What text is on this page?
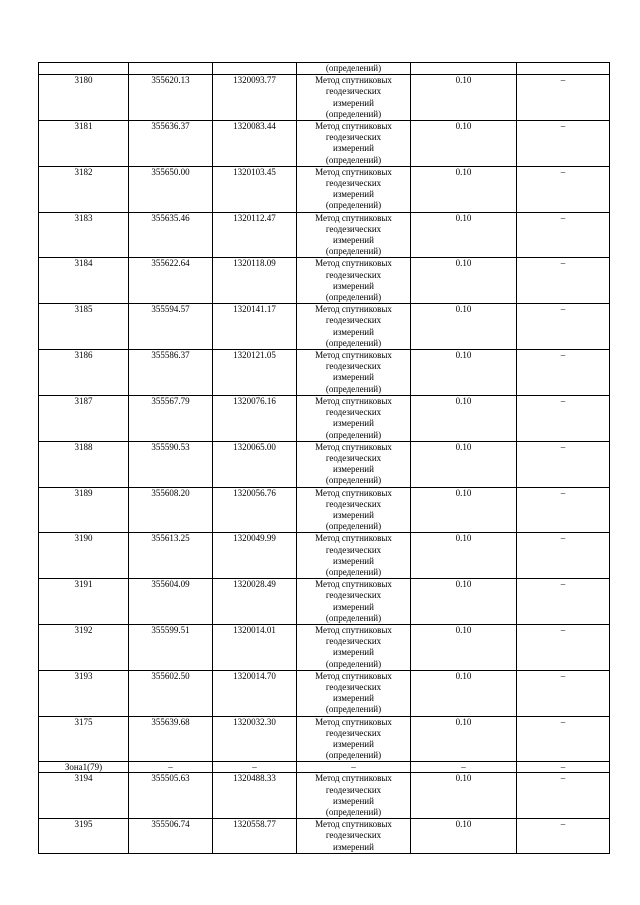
			(определений)		
3180	355620.13	1320093.77	Метод спутниковых
геодезических
измерений
(определений)	0.10	–
3181	355636.37	1320083.44	Метод спутниковых
геодезических
измерений
(определений)	0.10	–
3182	355650.00	1320103.45	Метод спутниковых
геодезических
измерений
(определений)	0.10	–
3183	355635.46	1320112.47	Метод спутниковых
геодезических
измерений
(определений)	0.10	–
3184	355622.64	1320118.09	Метод спутниковых
геодезических
измерений
(определений)	0.10	–
3185	355594.57	1320141.17	Метод спутниковых
геодезических
измерений
(определений)	0.10	–
3186	355586.37	1320121.05	Метод спутниковых
геодезических
измерений
(определений)	0.10	–
3187	355567.79	1320076.16	Метод спутниковых
геодезических
измерений
(определений)	0.10	–
3188	355590.53	1320065.00	Метод спутниковых
геодезических
измерений
(определений)	0.10	–
3189	355608.20	1320056.76	Метод спутниковых
геодезических
измерений
(определений)	0.10	–
3190	355613.25	1320049.99	Метод спутниковых
геодезических
измерений
(определений)	0.10	–
3191	355604.09	1320028.49	Метод спутниковых
геодезических
измерений
(определений)	0.10	–
3192	355599.51	1320014.01	Метод спутниковых
геодезических
измерений
(определений)	0.10	–
3193	355602.50	1320014.70	Метод спутниковых
геодезических
измерений
(определений)	0.10	–
3175	355639.68	1320032.30	Метод спутниковых
геодезических
измерений
(определений)	0.10	–
Зона1(79)	–	–	–	–	–
3194	355505.63	1320488.33	Метод спутниковых
геодезических
измерений
(определений)	0.10	–
3195	355506.74	1320558.77	Метод спутниковых
геодезических
измерений	0.10	–
